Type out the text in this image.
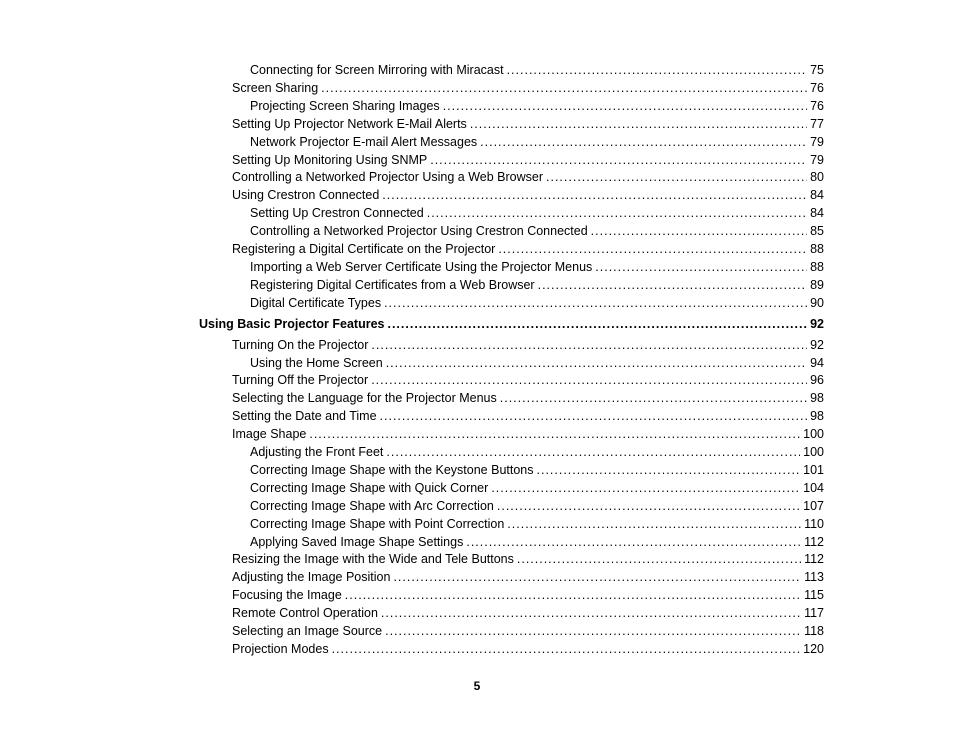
Connecting for Screen Mirroring with Miracast .....	75
Screen Sharing .....	76
Projecting Screen Sharing Images .....	76
Setting Up Projector Network E-Mail Alerts .....	77
Network Projector E-mail Alert Messages .....	79
Setting Up Monitoring Using SNMP .....	79
Controlling a Networked Projector Using a Web Browser .....	80
Using Crestron Connected .....	84
Setting Up Crestron Connected .....	84
Controlling a Networked Projector Using Crestron Connected .....	85
Registering a Digital Certificate on the Projector .....	88
Importing a Web Server Certificate Using the Projector Menus .....	88
Registering Digital Certificates from a Web Browser .....	89
Digital Certificate Types .....	90
Using Basic Projector Features .....	92
Turning On the Projector .....	92
Using the Home Screen .....	94
Turning Off the Projector .....	96
Selecting the Language for the Projector Menus .....	98
Setting the Date and Time .....	98
Image Shape .....	100
Adjusting the Front Feet .....	100
Correcting Image Shape with the Keystone Buttons .....	101
Correcting Image Shape with Quick Corner .....	104
Correcting Image Shape with Arc Correction .....	107
Correcting Image Shape with Point Correction .....	110
Applying Saved Image Shape Settings .....	112
Resizing the Image with the Wide and Tele Buttons .....	112
Adjusting the Image Position .....	113
Focusing the Image .....	115
Remote Control Operation .....	117
Selecting an Image Source .....	118
Projection Modes .....	120
5
